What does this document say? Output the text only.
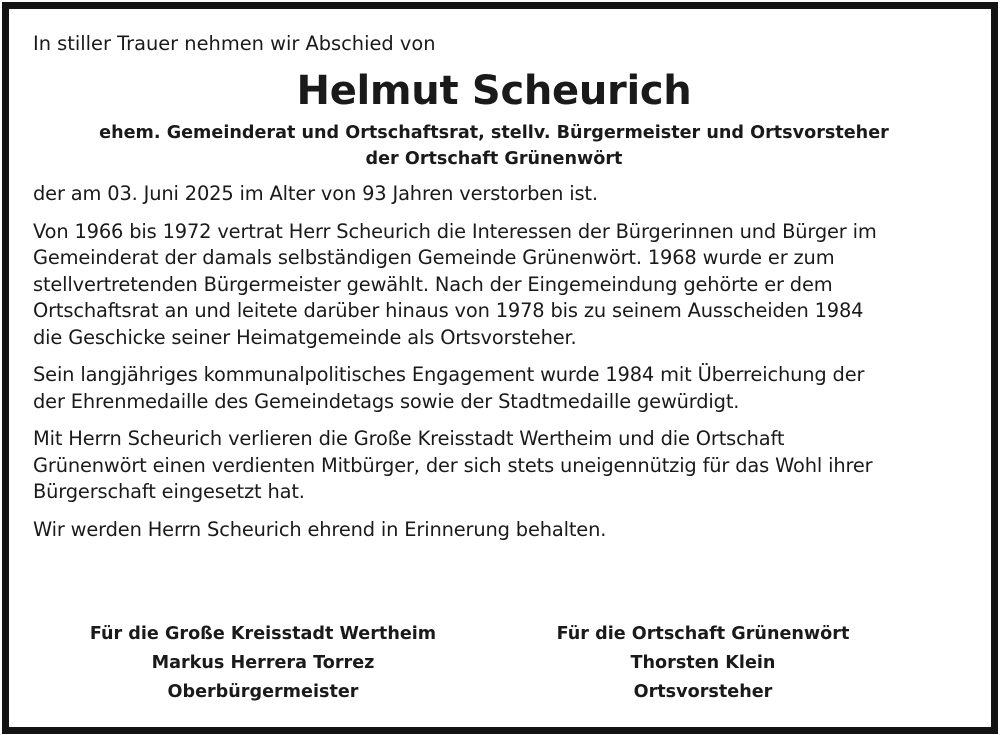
In stiller Trauer nehmen wir Abschied von

Helmut Scheurich

ehem. Gemeinderat und Ortschaftsrat, stellv. Bürgermeister und Ortsvorsteher

der Ortschaft Grünenwört

der am 03. Juni 2025 im Alter von 93 Jahren verstorben ist.

Von 1966 bis 1972 vertrat Herr Scheurich die Interessen der Bürgerinnen und Bürger im
Gemeinderat der damals selbständigen Gemeinde Grünenwört. 1968 wurde er zum
stellvertretenden Bürgermeister gewählt. Nach der Eingemeindung gehörte er dem
Ortschaftsrat an und leitete darüber hinaus von 1978 bis zu seinem Ausscheiden 1984
die Geschicke seiner Heimatgemeinde als Ortsvorsteher.

Sein langjähriges kommunalpolitisches Engagement wurde 1984 mit Überreichung der
der Ehrenmedaille des Gemeindetags sowie der Stadtmedaille gewürdigt.

Mit Herrn Scheurich verlieren die Große Kreisstadt Wertheim und die Ortschaft
Grünenwört einen verdienten Mitbürger, der sich stets uneigennützig für das Wohl ihrer
Bürgerschaft eingesetzt hat.

Wir werden Herrn Scheurich ehrend in Erinnerung behalten.

Für die Große Kreisstadt Wertheim
Markus Herrera Torrez
Oberbürgermeister
Für die Ortschaft Grünenwört
Thorsten Klein
Ortsvorsteher
